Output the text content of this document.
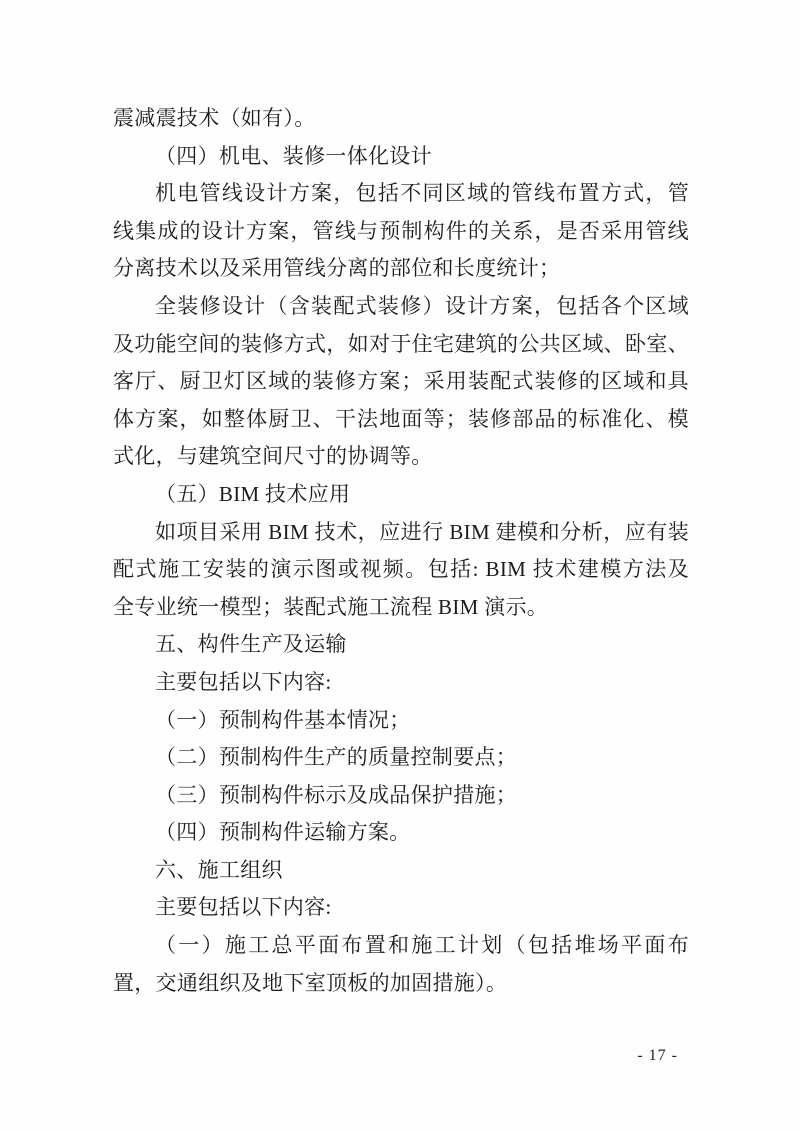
震减震技术（如有）。
（四）机电、装修一体化设计
机电管线设计方案，包括不同区域的管线布置方式，管
线集成的设计方案，管线与预制构件的关系，是否采用管线
分离技术以及采用管线分离的部位和长度统计；
全装修设计（含装配式装修）设计方案，包括各个区域
及功能空间的装修方式，如对于住宅建筑的公共区域、卧室、
客厅、厨卫灯区域的装修方案；采用装配式装修的区域和具
体方案，如整体厨卫、干法地面等；装修部品的标准化、模
式化，与建筑空间尺寸的协调等。
（五）BIM 技术应用
如项目采用 BIM 技术，应进行 BIM 建模和分析，应有装
配式施工安装的演示图或视频。包括: BIM 技术建模方法及
全专业统一模型；装配式施工流程 BIM 演示。
五、构件生产及运输
主要包括以下内容:
（一）预制构件基本情况；
（二）预制构件生产的质量控制要点；
（三）预制构件标示及成品保护措施；
（四）预制构件运输方案。
六、施工组织
主要包括以下内容:
（一）施工总平面布置和施工计划（包括堆场平面布
置，交通组织及地下室顶板的加固措施）。
- 17 -
